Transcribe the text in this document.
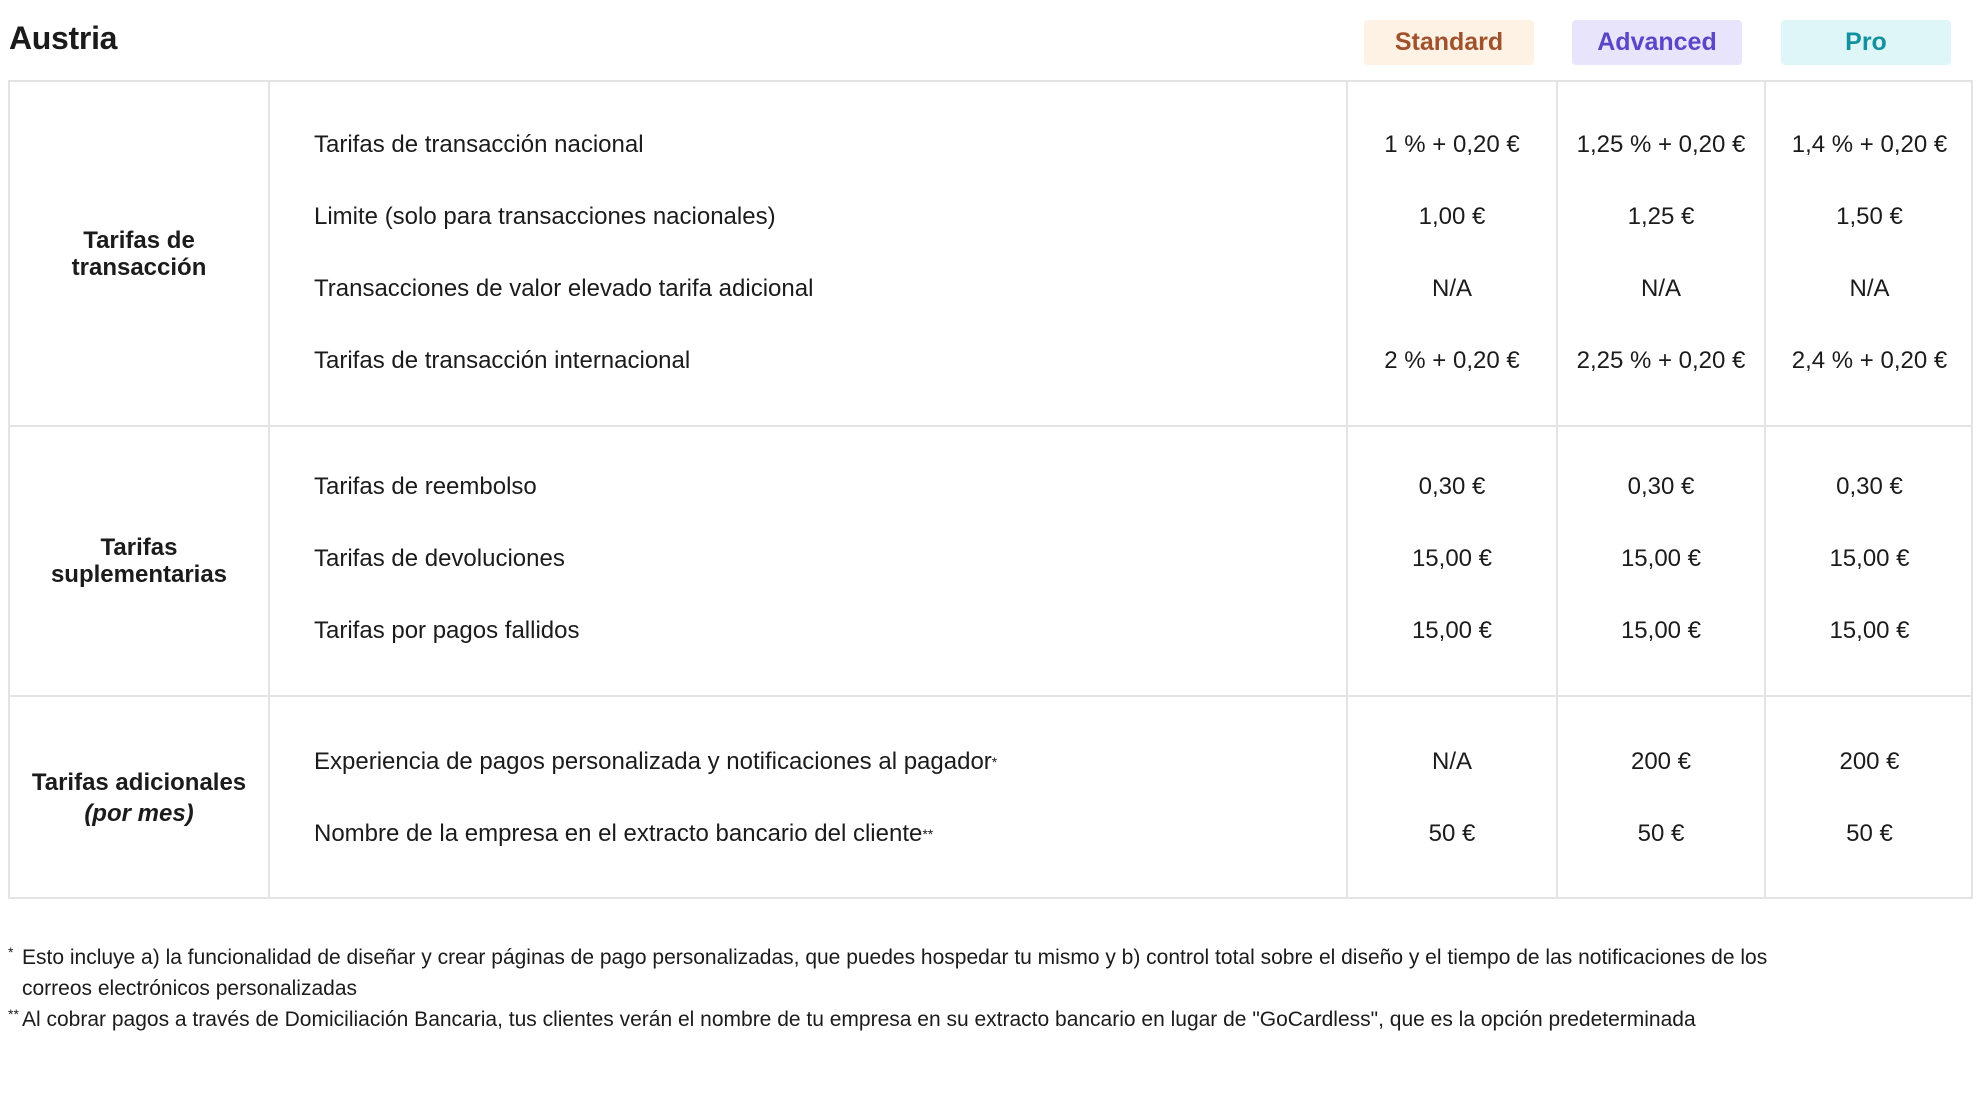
Austria	Standard	Advanced	Pro
Tarifas de
transacción
Tarifas de transacción nacional	1 % + 0,20 €	1,25 % + 0,20 €	1,4 % + 0,20 €
Limite (solo para transacciones nacionales)	1,00 €	1,25 €	1,50 €
Transacciones de valor elevado tarifa adicional	N/A	N/A	N/A
Tarifas de transacción internacional	2 % + 0,20 €	2,25 % + 0,20 €	2,4 % + 0,20 €
Tarifas
suplementarias
Tarifas de reembolso	0,30 €	0,30 €	0,30 €
Tarifas de devoluciones	15,00 €	15,00 €	15,00 €
Tarifas por pagos fallidos	15,00 €	15,00 €	15,00 €
Tarifas adicionales
(por mes)
Experiencia de pagos personalizada y notificaciones al pagador *	N/A	200 €	200 €
Nombre de la empresa en el extracto bancario del cliente **	50 €	50 €	50 €
* Esto incluye a) la funcionalidad de diseñar y crear páginas de pago personalizadas, que puedes hospedar tu mismo y b) control total sobre el diseño y el tiempo de las notificaciones de los correos electrónicos personalizadas
** Al cobrar pagos a través de Domiciliación Bancaria, tus clientes verán el nombre de tu empresa en su extracto bancario en lugar de "GoCardless", que es la opción predeterminada
